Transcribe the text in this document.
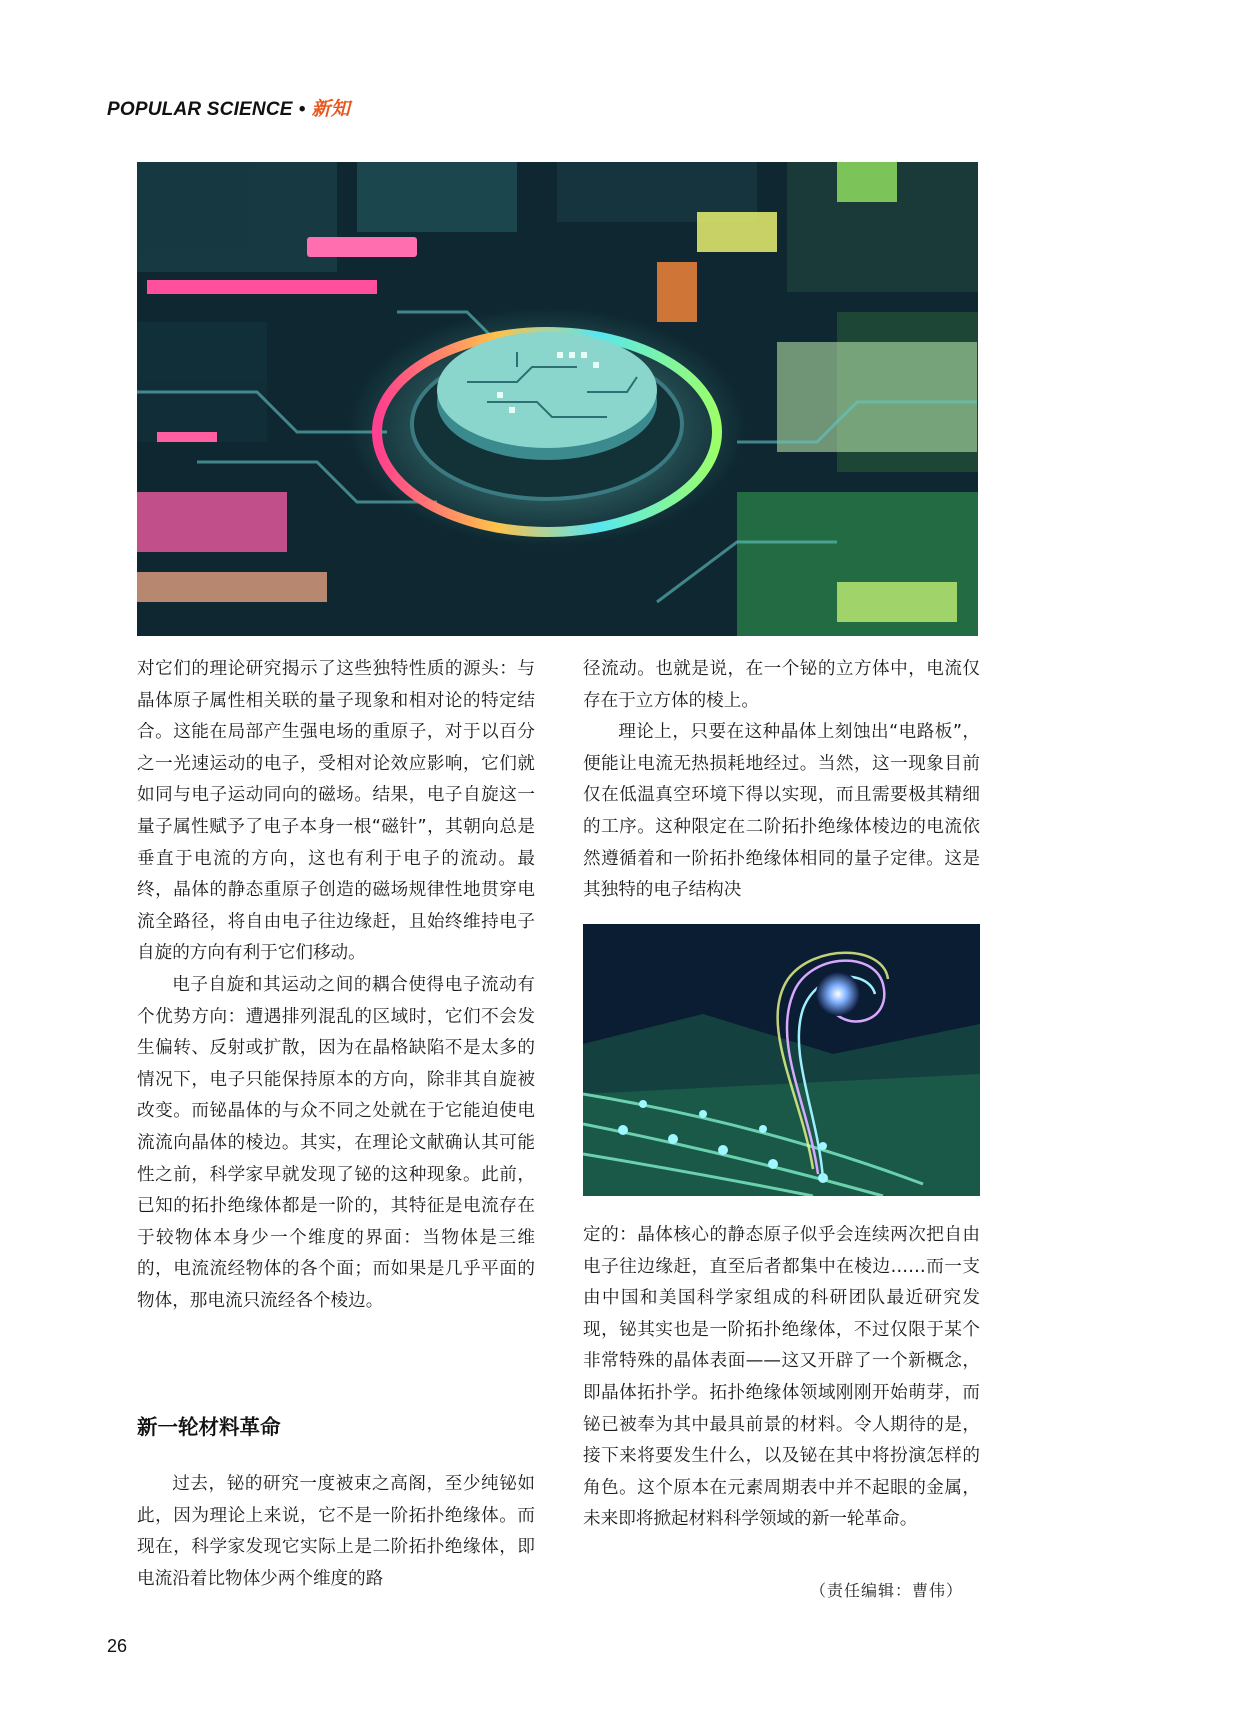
POPULAR SCIENCE • 新知

对它们的理论研究揭示了这些独特性质的源头：与晶体原子属性相关联的量子现象和相对论的特定结合。这能在局部产生强电场的重原子，对于以百分之一光速运动的电子，受相对论效应影响，它们就如同与电子运动同向的磁场。结果，电子自旋这一量子属性赋予了电子本身一根“磁针”，其朝向总是垂直于电流的方向，这也有利于电子的流动。最终，晶体的静态重原子创造的磁场规律性地贯穿电流全路径，将自由电子往边缘赶，且始终维持电子自旋的方向有利于它们移动。

电子自旋和其运动之间的耦合使得电子流动有个优势方向：遭遇排列混乱的区域时，它们不会发生偏转、反射或扩散，因为在晶格缺陷不是太多的情况下，电子只能保持原本的方向，除非其自旋被改变。而铋晶体的与众不同之处就在于它能迫使电流流向晶体的棱边。其实，在理论文献确认其可能性之前，科学家早就发现了铋的这种现象。此前，已知的拓扑绝缘体都是一阶的，其特征是电流存在于较物体本身少一个维度的界面：当物体是三维的，电流流经物体的各个面；而如果是几乎平面的物体，那电流只流经各个棱边。

新一轮材料革命

过去，铋的研究一度被束之高阁，至少纯铋如此，因为理论上来说，它不是一阶拓扑绝缘体。而现在，科学家发现它实际上是二阶拓扑绝缘体，即电流沿着比物体少两个维度的路

径流动。也就是说，在一个铋的立方体中，电流仅存在于立方体的棱上。

理论上，只要在这种晶体上刻蚀出“电路板”，便能让电流无热损耗地经过。当然，这一现象目前仅在低温真空环境下得以实现，而且需要极其精细的工序。这种限定在二阶拓扑绝缘体棱边的电流依然遵循着和一阶拓扑绝缘体相同的量子定律。这是其独特的电子结构决

定的：晶体核心的静态原子似乎会连续两次把自由电子往边缘赶，直至后者都集中在棱边……而一支由中国和美国科学家组成的科研团队最近研究发现，铋其实也是一阶拓扑绝缘体，不过仅限于某个非常特殊的晶体表面——这又开辟了一个新概念，即晶体拓扑学。拓扑绝缘体领域刚刚开始萌芽，而铋已被奉为其中最具前景的材料。令人期待的是，接下来将要发生什么，以及铋在其中将扮演怎样的角色。这个原本在元素周期表中并不起眼的金属，未来即将掀起材料科学领域的新一轮革命。

（责任编辑：曹伟）
26
